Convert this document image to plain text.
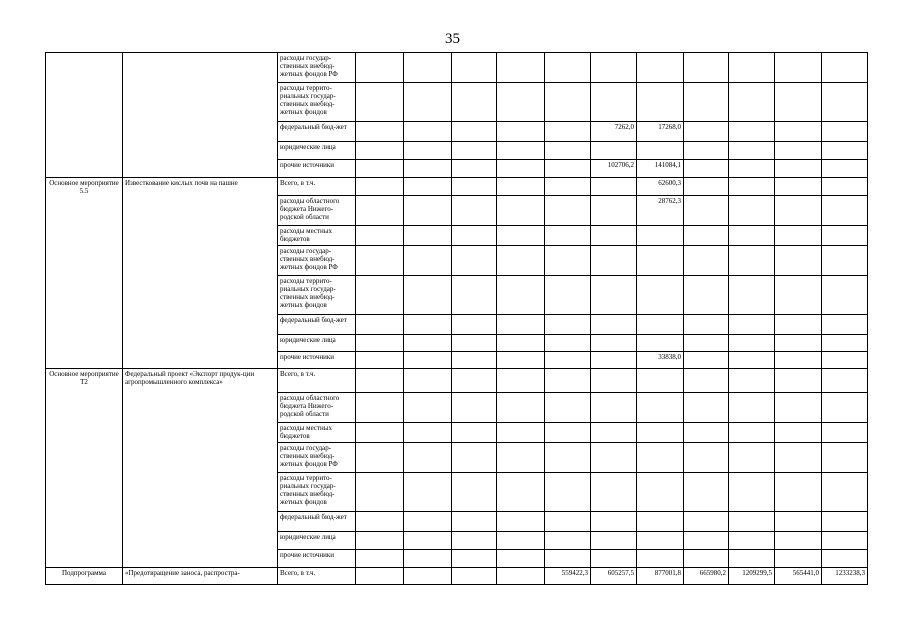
35
		расходы государ-ственных внебюд-жетных фондов РФ											
		расходы террито-риальных государ-ственных внебюд-жетных фондов											
		федеральный бюд-жет						7262,0	17268,0				
		юридические лица											
		прочие источники						102706,2	141084,1				
Основное мероприятие 5.5	Известкование кислых почв на пашне	Всего, в т.ч.							62600,3				
		расходы областного бюджета Нижего-родской области							28762,3				
		расходы местных бюджетов											
		расходы государ-ственных внебюд-жетных фондов РФ											
		расходы террито-риальных государ-ственных внебюд-жетных фондов											
		федеральный бюд-жет											
		юридические лица											
		прочие источники							33838,0				
Основное мероприятие Т2	Федеральный проект «Экспорт продук-ции агропромышленного комплекса»	Всего, в т.ч.											
		расходы областного бюджета Нижего-родской области											
		расходы местных бюджетов											
		расходы государ-ственных внебюд-жетных фондов РФ											
		расходы террито-риальных государ-ственных внебюд-жетных фондов											
		федеральный бюд-жет											
		юридические лица											
		прочие источники											
Подпрограмма	«Предотвращение заноса, распростра-	Всего, в т.ч.					559422,3	605257,5	877001,8	665980,2	1209299,5	565441,0	1233238,3
